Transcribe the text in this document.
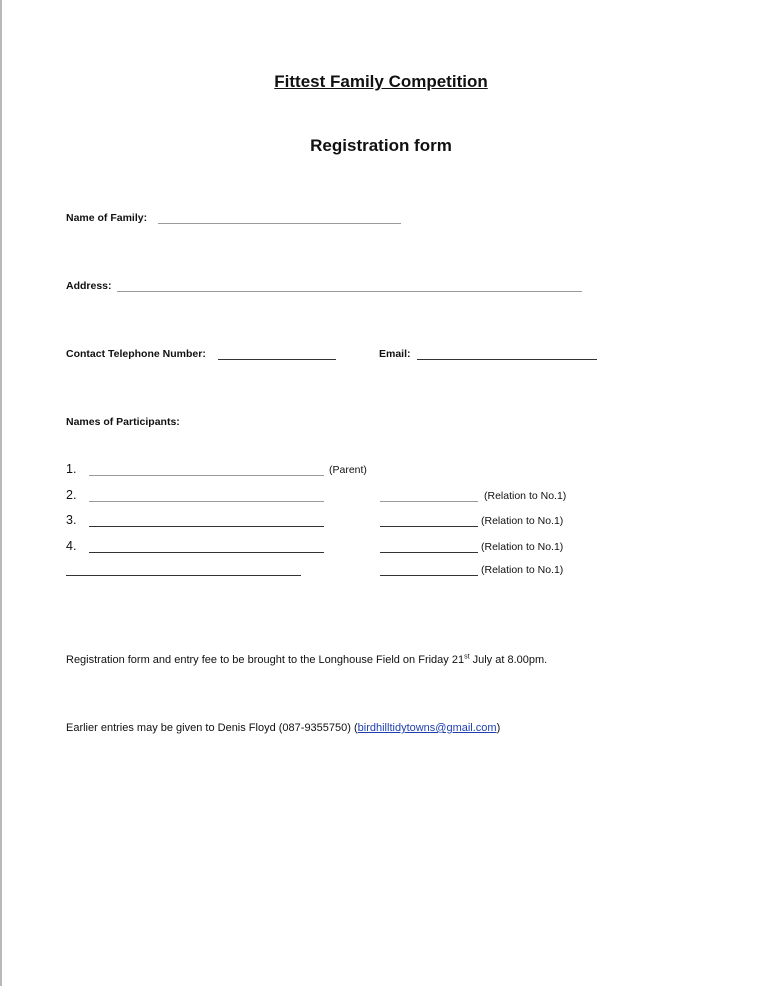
Fittest Family Competition
Registration form
Name of Family:
Address:
Contact Telephone Number:	Email:
Names of Participants:
1.	(Parent)
2.	(Relation to No.1)
3.	(Relation to No.1)
4.	(Relation to No.1)
(Relation to No.1)
Registration form and entry fee to be brought to the Longhouse Field on Friday 21st July at 8.00pm.
Earlier entries may be given to Denis Floyd (087-9355750) (birdhilltidytowns@gmail.com)
